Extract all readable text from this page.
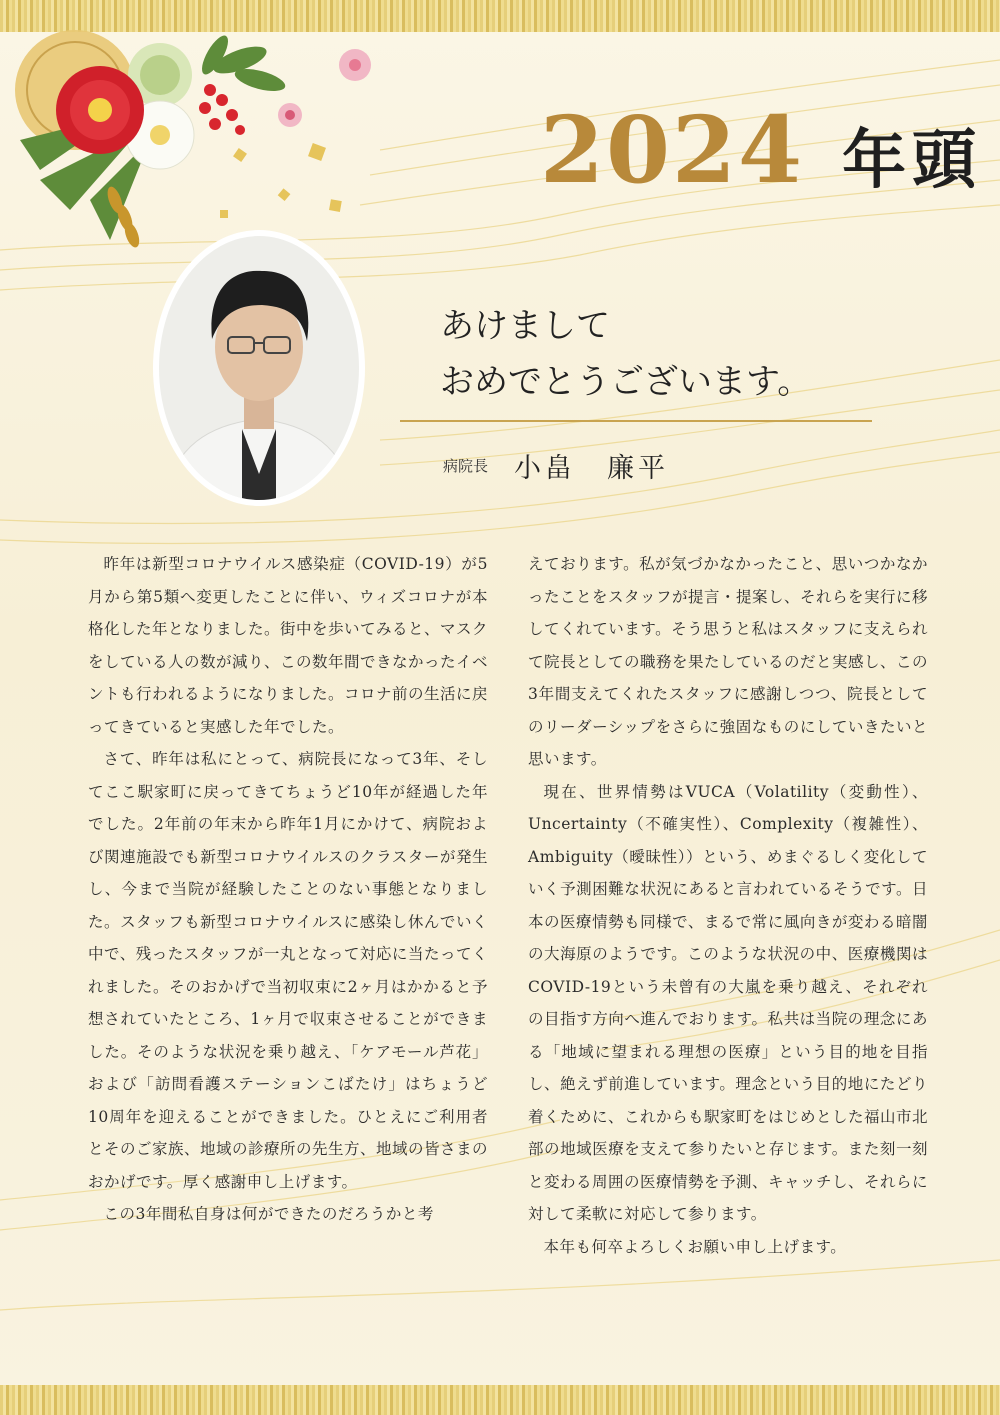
2024 年頭
あけまして
おめでとうございます。
病院長 小畠　廉平

昨年は新型コロナウイルス感染症（COVID-19）が5月から第5類へ変更したことに伴い、ウィズコロナが本格化した年となりました。街中を歩いてみると、マスクをしている人の数が減り、この数年間できなかったイベントも行われるようになりました。コロナ前の生活に戻ってきていると実感した年でした。

さて、昨年は私にとって、病院長になって3年、そしてここ駅家町に戻ってきてちょうど10年が経過した年でした。2年前の年末から昨年1月にかけて、病院および関連施設でも新型コロナウイルスのクラスターが発生し、今まで当院が経験したことのない事態となりました。スタッフも新型コロナウイルスに感染し休んでいく中で、残ったスタッフが一丸となって対応に当たってくれました。そのおかげで当初収束に2ヶ月はかかると予想されていたところ、1ヶ月で収束させることができました。そのような状況を乗り越え、「ケアモール芦花」および「訪問看護ステーションこばたけ」はちょうど10周年を迎えることができました。ひとえにご利用者とそのご家族、地域の診療所の先生方、地域の皆さまのおかげです。厚く感謝申し上げます。

この3年間私自身は何ができたのだろうかと考

えております。私が気づかなかったこと、思いつかなかったことをスタッフが提言・提案し、それらを実行に移してくれています。そう思うと私はスタッフに支えられて院長としての職務を果たしているのだと実感し、この3年間支えてくれたスタッフに感謝しつつ、院長としてのリーダーシップをさらに強固なものにしていきたいと思います。

現在、世界情勢はVUCA（Volatility（変動性）、Uncertainty（不確実性）、Complexity（複雑性）、Ambiguity（曖昧性））という、めまぐるしく変化していく予測困難な状況にあると言われているそうです。日本の医療情勢も同様で、まるで常に風向きが変わる暗闇の大海原のようです。このような状況の中、医療機関はCOVID-19という未曾有の大嵐を乗り越え、それぞれの目指す方向へ進んでおります。私共は当院の理念にある「地域に望まれる理想の医療」という目的地を目指し、絶えず前進しています。理念という目的地にたどり着くために、これからも駅家町をはじめとした福山市北部の地域医療を支えて参りたいと存じます。また刻一刻と変わる周囲の医療情勢を予測、キャッチし、それらに対して柔軟に対応して参ります。

本年も何卒よろしくお願い申し上げます。
